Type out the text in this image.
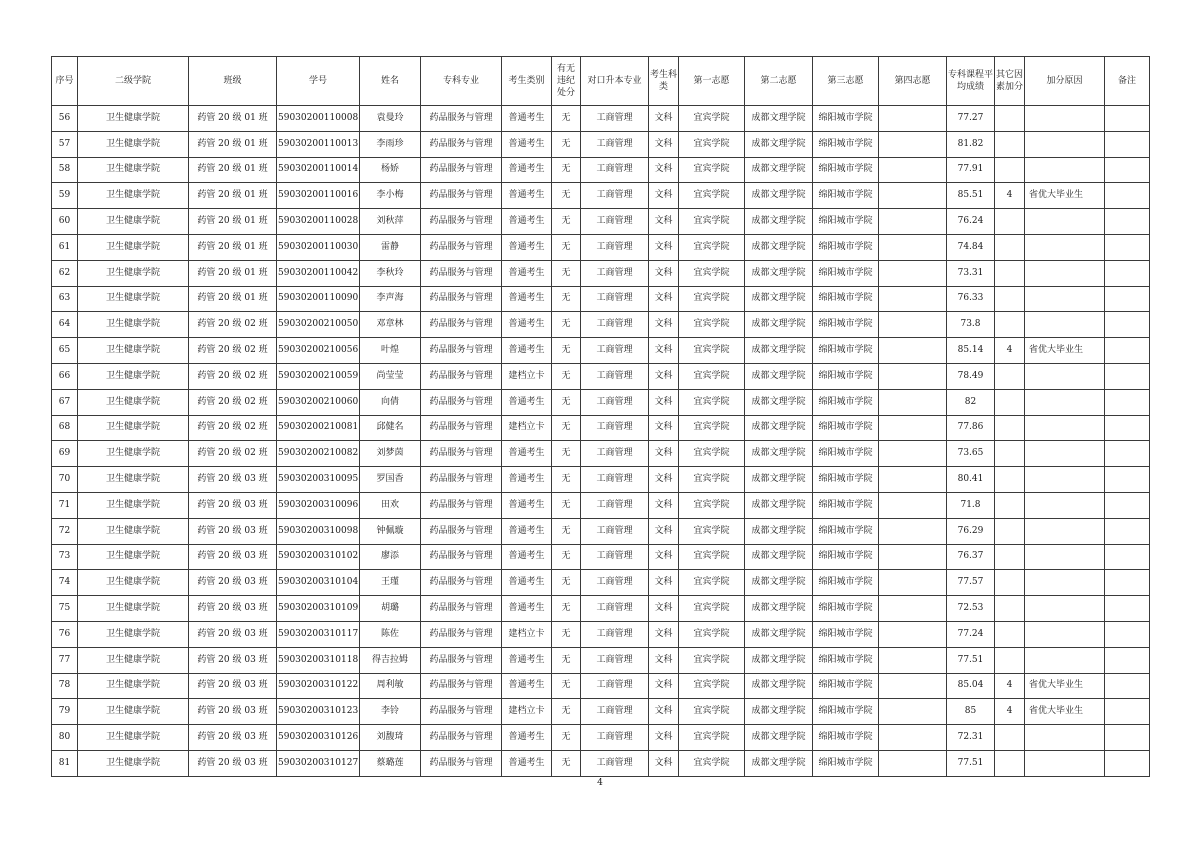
序号	二级学院	班级	学号	姓名	专科专业	考生类别	有无违纪处分	对口升本专业	考生科类	第一志愿	第二志愿	第三志愿	第四志愿	专科课程平均成绩	其它因素加分	加分原因	备注
56	卫生健康学院	药管 20 级 01 班	59030200110008	袁曼玲	药品服务与管理	普通考生	无	工商管理	文科	宜宾学院	成都文理学院	绵阳城市学院		77.27			
57	卫生健康学院	药管 20 级 01 班	59030200110013	李雨珍	药品服务与管理	普通考生	无	工商管理	文科	宜宾学院	成都文理学院	绵阳城市学院		81.82			
58	卫生健康学院	药管 20 级 01 班	59030200110014	杨娇	药品服务与管理	普通考生	无	工商管理	文科	宜宾学院	成都文理学院	绵阳城市学院		77.91			
59	卫生健康学院	药管 20 级 01 班	59030200110016	李小梅	药品服务与管理	普通考生	无	工商管理	文科	宜宾学院	成都文理学院	绵阳城市学院		85.51	4	省优大毕业生	
60	卫生健康学院	药管 20 级 01 班	59030200110028	刘秋萍	药品服务与管理	普通考生	无	工商管理	文科	宜宾学院	成都文理学院	绵阳城市学院		76.24			
61	卫生健康学院	药管 20 级 01 班	59030200110030	雷静	药品服务与管理	普通考生	无	工商管理	文科	宜宾学院	成都文理学院	绵阳城市学院		74.84			
62	卫生健康学院	药管 20 级 01 班	59030200110042	李秋玲	药品服务与管理	普通考生	无	工商管理	文科	宜宾学院	成都文理学院	绵阳城市学院		73.31			
63	卫生健康学院	药管 20 级 01 班	59030200110090	李声海	药品服务与管理	普通考生	无	工商管理	文科	宜宾学院	成都文理学院	绵阳城市学院		76.33			
64	卫生健康学院	药管 20 级 02 班	59030200210050	邓章林	药品服务与管理	普通考生	无	工商管理	文科	宜宾学院	成都文理学院	绵阳城市学院		73.8			
65	卫生健康学院	药管 20 级 02 班	59030200210056	叶煌	药品服务与管理	普通考生	无	工商管理	文科	宜宾学院	成都文理学院	绵阳城市学院		85.14	4	省优大毕业生	
66	卫生健康学院	药管 20 级 02 班	59030200210059	尚莹莹	药品服务与管理	建档立卡	无	工商管理	文科	宜宾学院	成都文理学院	绵阳城市学院		78.49			
67	卫生健康学院	药管 20 级 02 班	59030200210060	向倩	药品服务与管理	普通考生	无	工商管理	文科	宜宾学院	成都文理学院	绵阳城市学院		82			
68	卫生健康学院	药管 20 级 02 班	59030200210081	邱健名	药品服务与管理	建档立卡	无	工商管理	文科	宜宾学院	成都文理学院	绵阳城市学院		77.86			
69	卫生健康学院	药管 20 级 02 班	59030200210082	刘梦茵	药品服务与管理	普通考生	无	工商管理	文科	宜宾学院	成都文理学院	绵阳城市学院		73.65			
70	卫生健康学院	药管 20 级 03 班	59030200310095	罗国香	药品服务与管理	普通考生	无	工商管理	文科	宜宾学院	成都文理学院	绵阳城市学院		80.41			
71	卫生健康学院	药管 20 级 03 班	59030200310096	田欢	药品服务与管理	普通考生	无	工商管理	文科	宜宾学院	成都文理学院	绵阳城市学院		71.8			
72	卫生健康学院	药管 20 级 03 班	59030200310098	钟佩璇	药品服务与管理	普通考生	无	工商管理	文科	宜宾学院	成都文理学院	绵阳城市学院		76.29			
73	卫生健康学院	药管 20 级 03 班	59030200310102	廖添	药品服务与管理	普通考生	无	工商管理	文科	宜宾学院	成都文理学院	绵阳城市学院		76.37			
74	卫生健康学院	药管 20 级 03 班	59030200310104	王瑾	药品服务与管理	普通考生	无	工商管理	文科	宜宾学院	成都文理学院	绵阳城市学院		77.57			
75	卫生健康学院	药管 20 级 03 班	59030200310109	胡璐	药品服务与管理	普通考生	无	工商管理	文科	宜宾学院	成都文理学院	绵阳城市学院		72.53			
76	卫生健康学院	药管 20 级 03 班	59030200310117	陈佐	药品服务与管理	建档立卡	无	工商管理	文科	宜宾学院	成都文理学院	绵阳城市学院		77.24			
77	卫生健康学院	药管 20 级 03 班	59030200310118	得吉拉姆	药品服务与管理	普通考生	无	工商管理	文科	宜宾学院	成都文理学院	绵阳城市学院		77.51			
78	卫生健康学院	药管 20 级 03 班	59030200310122	周利敏	药品服务与管理	普通考生	无	工商管理	文科	宜宾学院	成都文理学院	绵阳城市学院		85.04	4	省优大毕业生	
79	卫生健康学院	药管 20 级 03 班	59030200310123	李铃	药品服务与管理	建档立卡	无	工商管理	文科	宜宾学院	成都文理学院	绵阳城市学院		85	4	省优大毕业生	
80	卫生健康学院	药管 20 级 03 班	59030200310126	刘馥琦	药品服务与管理	普通考生	无	工商管理	文科	宜宾学院	成都文理学院	绵阳城市学院		72.31			
81	卫生健康学院	药管 20 级 03 班	59030200310127	蔡璐莲	药品服务与管理	普通考生	无	工商管理	文科	宜宾学院	成都文理学院	绵阳城市学院		77.51			
4
